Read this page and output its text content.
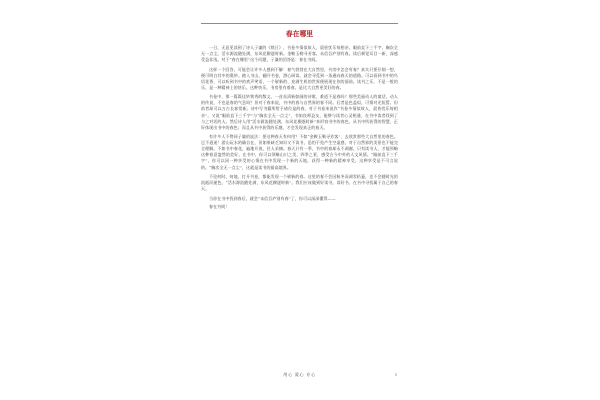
春在哪里

一日，无意见读到了诗人子谦的《赎日》，书卷多情似故人，晨昏忧乐每相亲。眼前直下三千字，胸次全无一点尘。活水源流随处满，东风花柳逐时新。金鞍玉勒寻芳客，未信吾庐别有春。读后顿觉耳目一新，深感受益非浅。对于“春在哪里”这个问题，子谦的回答是：春在书间。

这样一个回答，可能会让许多人感到不解：春气勃勃在大自然里，书房中怎会有春？真实只要仔细一想，便可明白其中的奥妙。踏入书山，翻开书卷，潜心研读，就会寻觅到一条通向春天的道路。可以看到书中的鸟语花香，可以听到书中的欢声笑语，一个崭新的、充满生机的世界便展现在你的面前。读书之乐，不是一般的乐，是一种精神上的快乐。这种快乐，书房里有着春，是比大自然更美好的春。

书卷中，那一篇篇佳妙隽秀的散文，一首首清新如画的诗歌，难道不是春吗？那些美丽动人的童话，动人的传说，不也是春的气息吗？但对于春来说，书中的春与自然界的春不同。后者是色盖似，可情对光短暂。但前者却可以万古长春常新。诗中写书籍所给予诸位是的春，对于书卷来说作“书卷多情似故人，晨昏忧乐每相亲”，又说“眼前直下三千字”与“胸次全无一点尘”，书如良师益友，能够与读者心灵相通，在书中读者找到了与之对话的人。然后诗人用“活水源流随处满，东风花柳逐时新”来形容书中的春色，从书中所获得的智慧，正好体现出书中的春色；而且从书中获得的乐趣，才会发现真正的春天。

有许多人不赞同子谦的说法：要这种春天有何用？不如“金鞍玉勒寻芳客”，去欣赏那些大自然里的春色。岂不逍遥！游山玩水的确自在，但如果缺乏知识又不读书，恐怕不免产生空虚感，对于自然界的美景也不能完全理解。不如书中春花，遍地开放，任人采摘。春天只有一季，书中的春却永不凋谢。只有读书人，才能领略这种春意盎然的美好。在书中，你可以领略山川之美、四季之景，感受古今中外的人文风情。“眼前直下三千字”，你可以同一种享受的心情在书中发现一个新的天地，获得一种新的精神享受，这种享受是不可言说的。“胸次全无一点尘”，这就是读书的最高境界。

不论何时、何地，打开书卷，都能发现一个崭新的春。这里的春不会因秋冬而凋零枯萎，也不会随时光的流逝而褪色。“活水源流随处满，东风花柳逐时新”。我们应该做到好读书，读好书，在书中寻找属于自己的春天。

当你在书中找到春后，就会“未信吾庐别有春”了，你可以深深懂得——

春在书间！

用心 爱心 专心	1
